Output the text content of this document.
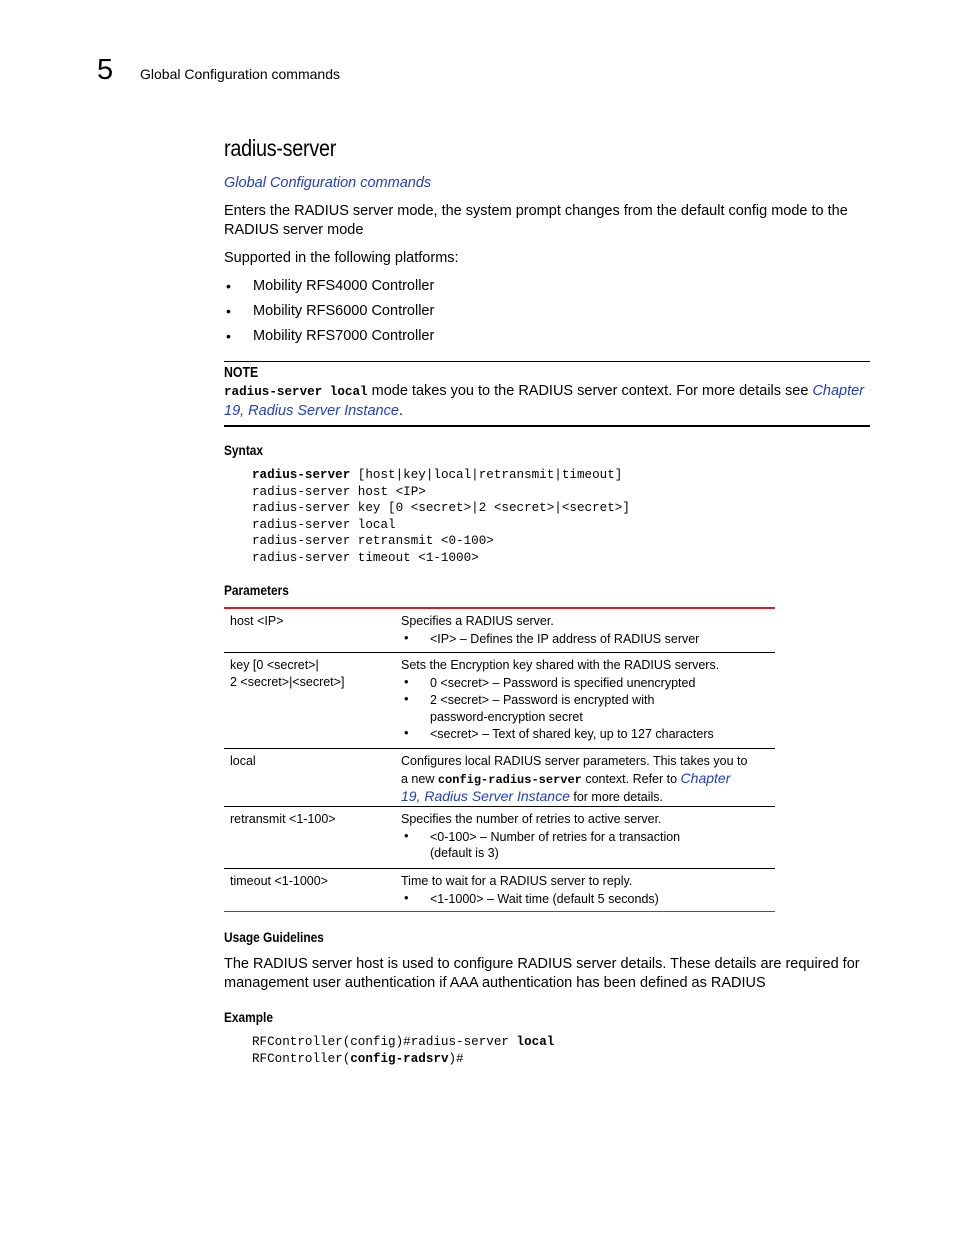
5 Global Configuration commands
radius-server
Global Configuration commands
Enters the RADIUS server mode, the system prompt changes from the default config mode to the RADIUS server mode
Supported in the following platforms:
• Mobility RFS4000 Controller
• Mobility RFS6000 Controller
• Mobility RFS7000 Controller
NOTE
radius-server local mode takes you to the RADIUS server context. For more details see Chapter 19, Radius Server Instance.
Syntax
radius-server [host|key|local|retransmit|timeout]
radius-server host <IP>
radius-server key [0 <secret>|2 <secret>|<secret>]
radius-server local
radius-server retransmit <0-100>
radius-server timeout <1-1000>
Parameters
host <IP>	Specifies a RADIUS server.
• <IP> – Defines the IP address of RADIUS server
key [0 <secret>|
2 <secret>|<secret>]
Sets the Encryption key shared with the RADIUS servers.
• 0 <secret> – Password is specified unencrypted
• 2 <secret> – Password is encrypted with password-encryption secret
• <secret> – Text of shared key, up to 127 characters
local	Configures local RADIUS server parameters. This takes you to a new config-radius-server context. Refer to Chapter 19, Radius Server Instance for more details.
retransmit <1-100>	Specifies the number of retries to active server.
• <0-100> – Number of retries for a transaction (default is 3)
timeout <1-1000>	Time to wait for a RADIUS server to reply.
• <1-1000> – Wait time (default 5 seconds)
Usage Guidelines
The RADIUS server host is used to configure RADIUS server details. These details are required for management user authentication if AAA authentication has been defined as RADIUS
Example
RFController(config)#radius-server local
RFController(config-radsrv)#
